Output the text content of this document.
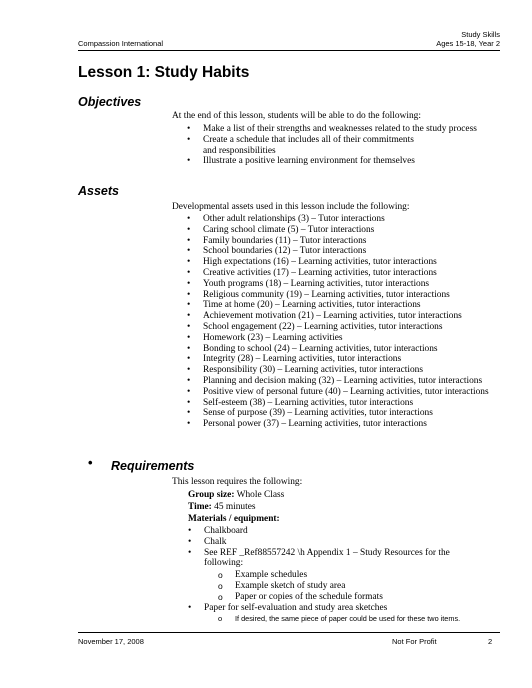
Compassion International
Study Skills
Ages 15-18, Year 2
Lesson 1: Study Habits
Objectives
At the end of this lesson, students will be able to do the following:
• Make a list of their strengths and weaknesses related to the study process
• Create a schedule that includes all of their commitments and responsibilities
• Illustrate a positive learning environment for themselves
Assets
Developmental assets used in this lesson include the following:
• Other adult relationships (3) – Tutor interactions
• Caring school climate (5) – Tutor interactions
• Family boundaries (11) – Tutor interactions
• School boundaries (12) – Tutor interactions
• High expectations (16) – Learning activities, tutor interactions
• Creative activities (17) – Learning activities, tutor interactions
• Youth programs (18) – Learning activities, tutor interactions
• Religious community (19) – Learning activities, tutor interactions
• Time at home (20) – Learning activities, tutor interactions
• Achievement motivation (21) – Learning activities, tutor interactions
• School engagement (22) – Learning activities, tutor interactions
• Homework (23) – Learning activities
• Bonding to school (24) – Learning activities, tutor interactions
• Integrity (28) – Learning activities, tutor interactions
• Responsibility (30) – Learning activities, tutor interactions
• Planning and decision making (32) – Learning activities, tutor interactions
• Positive view of personal future (40) – Learning activities, tutor interactions
• Self-esteem (38) – Learning activities, tutor interactions
• Sense of purpose (39) – Learning activities, tutor interactions
• Personal power (37) – Learning activities, tutor interactions
• Requirements
This lesson requires the following:
Group size: Whole Class
Time: 45 minutes
Materials / equipment:
• Chalkboard
• Chalk
• See REF _Ref88557242 \h Appendix 1 – Study Resources for the following:
o Example schedules
o Example sketch of study area
o Paper or copies of the schedule formats
• Paper for self-evaluation and study area sketches
o If desired, the same piece of paper could be used for these two items.
November 17, 2008	Not For Profit	2
